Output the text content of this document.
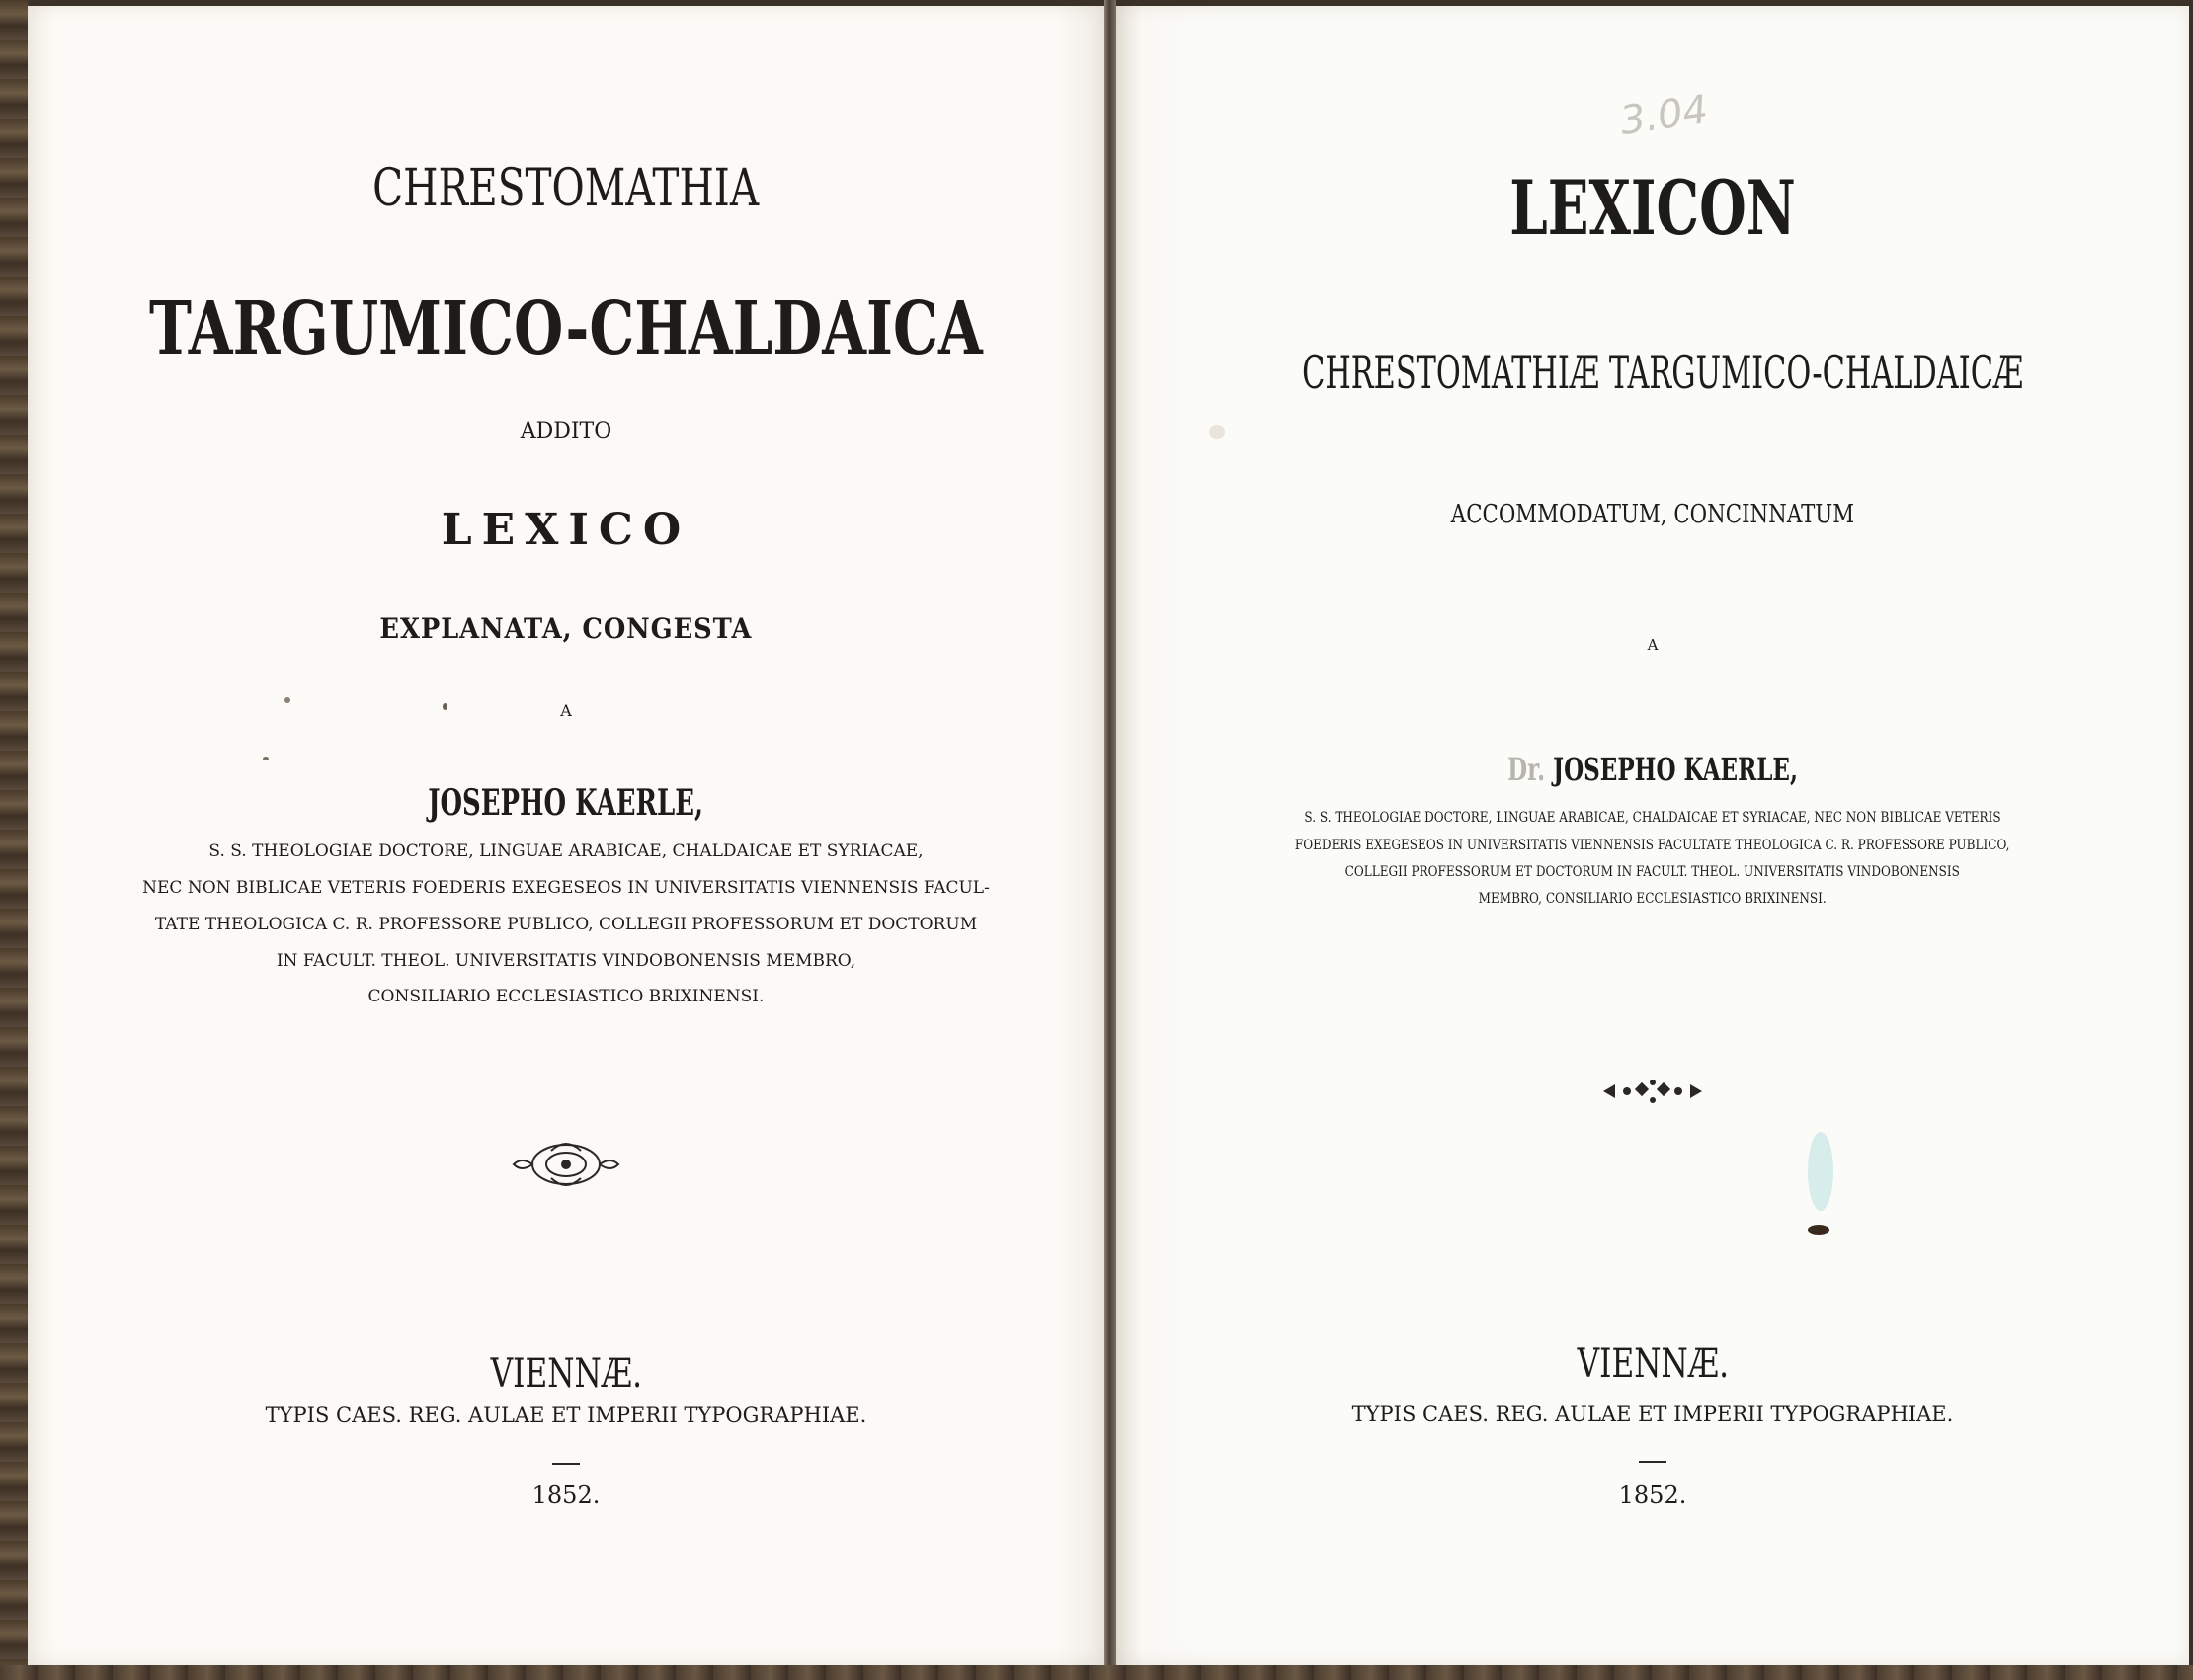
CHRESTOMATHIA
TARGUMICO-CHALDAICA
ADDITO
LEXICO
EXPLANATA, CONGESTA
A
JOSEPHO KAERLE,
S. S. THEOLOGIAE DOCTORE, LINGUAE ARABICAE, CHALDAICAE ET SYRIACAE,
NEC NON BIBLICAE VETERIS FOEDERIS EXEGESEOS IN UNIVERSITATIS VIENNENSIS FACUL-
TATE THEOLOGICA C. R. PROFESSORE PUBLICO, COLLEGII PROFESSORUM ET DOCTORUM
IN FACULT. THEOL. UNIVERSITATIS VINDOBONENSIS MEMBRO,
CONSILIARIO ECCLESIASTICO BRIXINENSI.
VIENNÆ.
TYPIS CAES. REG. AULAE ET IMPERII TYPOGRAPHIAE.
1852.
3.04
LEXICON
CHRESTOMATHIÆ TARGUMICO-CHALDAICÆ
ACCOMMODATUM, CONCINNATUM
A
Dr. JOSEPHO KAERLE,
S. S. THEOLOGIAE DOCTORE, LINGUAE ARABICAE, CHALDAICAE ET SYRIACAE, NEC NON BIBLICAE VETERIS
FOEDERIS EXEGESEOS IN UNIVERSITATIS VIENNENSIS FACULTATE THEOLOGICA C. R. PROFESSORE PUBLICO,
COLLEGII PROFESSORUM ET DOCTORUM IN FACULT. THEOL. UNIVERSITATIS VINDOBONENSIS
MEMBRO, CONSILIARIO ECCLESIASTICO BRIXINENSI.
VIENNÆ.
TYPIS CAES. REG. AULAE ET IMPERII TYPOGRAPHIAE.
1852.
